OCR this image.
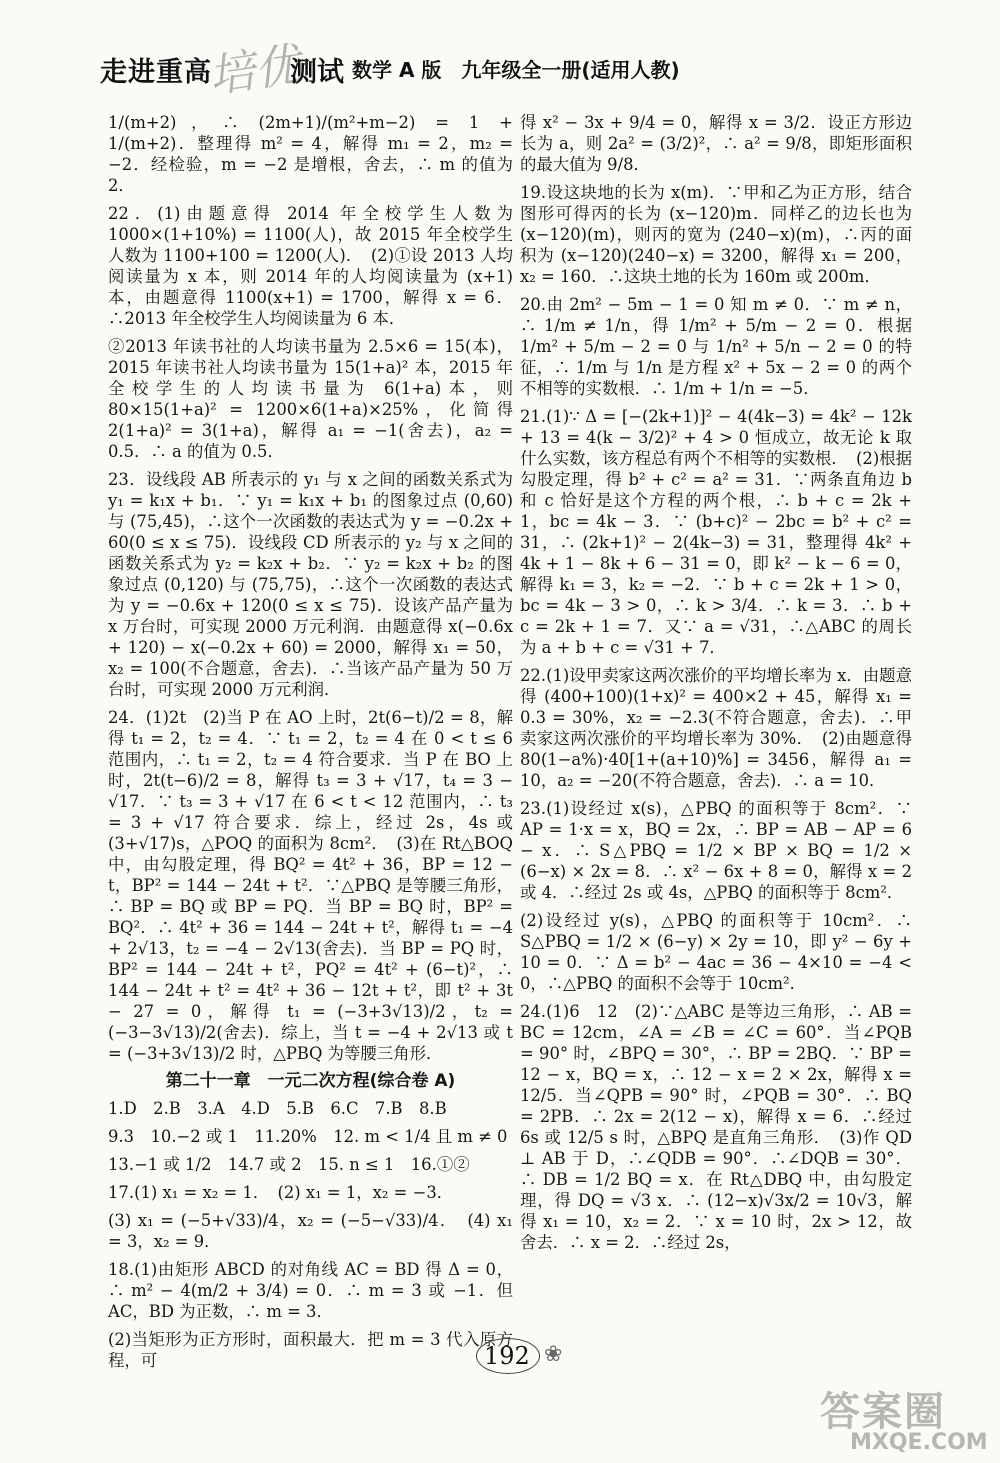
走进重高
培优
测试 数学 A 版　九年级全一册(适用人教)

1/(m+2)，∴ (2m+1)/(m²+m−2) = 1 + 1/(m+2)．整理得 m² = 4，解得 m₁ = 2，m₂ = −2．经检验，m = −2 是增根，舍去，∴ m 的值为 2．

22．(1)由题意得 2014 年全校学生人数为 1000×(1+10%) = 1100(人)，故 2015 年全校学生人数为 1100+100 = 1200(人)．　(2)①设 2013 人均阅读量为 x 本，则 2014 年的人均阅读量为 (x+1) 本，由题意得 1100(x+1) = 1700，解得 x = 6．∴2013 年全校学生人均阅读量为 6 本．

②2013 年读书社的人均读书量为 2.5×6 = 15(本)，2015 年读书社人均读书量为 15(1+a)² 本，2015 年全校学生的人均读书量为 6(1+a)本，则 80×15(1+a)² = 1200×6(1+a)×25%，化简得 2(1+a)² = 3(1+a)，解得 a₁ = −1(舍去)，a₂ = 0.5．∴ a 的值为 0.5．

23．设线段 AB 所表示的 y₁ 与 x 之间的函数关系式为 y₁ = k₁x + b₁．∵ y₁ = k₁x + b₁ 的图象过点 (0,60) 与 (75,45)，∴这个一次函数的表达式为 y = −0.2x + 60(0 ≤ x ≤ 75)．设线段 CD 所表示的 y₂ 与 x 之间的函数关系式为 y₂ = k₂x + b₂．∵ y₂ = k₂x + b₂ 的图象过点 (0,120) 与 (75,75)，∴这个一次函数的表达式为 y = −0.6x + 120(0 ≤ x ≤ 75)．设该产品产量为 x 万台时，可实现 2000 万元利润．由题意得 x(−0.6x + 120) − x(−0.2x + 60) = 2000，解得 x₁ = 50，x₂ = 100(不合题意，舍去)．∴当该产品产量为 50 万台时，可实现 2000 万元利润．

24．(1)2t　(2)当 P 在 AO 上时，2t(6−t)/2 = 8，解得 t₁ = 2，t₂ = 4．∵ t₁ = 2，t₂ = 4 在 0 < t ≤ 6 范围内，∴ t₁ = 2，t₂ = 4 符合要求．当 P 在 BO 上时，2t(t−6)/2 = 8，解得 t₃ = 3 + √17，t₄ = 3 − √17．∵ t₃ = 3 + √17 在 6 < t < 12 范围内，∴ t₃ = 3 + √17 符合要求．综上，经过 2s，4s 或 (3+√17)s，△POQ 的面积为 8cm²．　(3)在 Rt△BOQ 中，由勾股定理，得 BQ² = 4t² + 36，BP = 12 − t，BP² = 144 − 24t + t²．∵△PBQ 是等腰三角形，∴ BP = BQ 或 BP = PQ．当 BP = BQ 时，BP² = BQ²．∴ 4t² + 36 = 144 − 24t + t²，解得 t₁ = −4 + 2√13，t₂ = −4 − 2√13(舍去)．当 BP = PQ 时，BP² = 144 − 24t + t²，PQ² = 4t² + (6−t)²，∴ 144 − 24t + t² = 4t² + 36 − 12t + t²，即 t² + 3t − 27 = 0，解得 t₁ = (−3+3√13)/2，t₂ = (−3−3√13)/2(舍去)．综上，当 t = −4 + 2√13 或 t = (−3+3√13)/2 时，△PBQ 为等腰三角形．

第二十一章　一元二次方程(综合卷 A)

1.D　2.B　3.A　4.D　5.B　6.C　7.B　8.B

9.3　10.−2 或 1　11.20%　12. m < 1/4 且 m ≠ 0

13.−1 或 1/2　14.7 或 2　15. n ≤ 1　16.①②

17.(1) x₁ = x₂ = 1．　(2) x₁ = 1，x₂ = −3．

(3) x₁ = (−5+√33)/4，x₂ = (−5−√33)/4．　(4) x₁ = 3，x₂ = 9．

18.(1)由矩形 ABCD 的对角线 AC = BD 得 Δ = 0，∴ m² − 4(m/2 + 3/4) = 0．∴ m = 3 或 −1．但 AC，BD 为正数，∴ m = 3．

(2)当矩形为正方形时，面积最大．把 m = 3 代入原方程，可

得 x² − 3x + 9/4 = 0，解得 x = 3/2．设正方形边长为 a，则 2a² = (3/2)²，∴ a² = 9/8，即矩形面积的最大值为 9/8．

19.设这块地的长为 x(m)．∵甲和乙为正方形，结合图形可得丙的长为 (x−120)m．同样乙的边长也为 (x−120)(m)，则丙的宽为 (240−x)(m)，∴丙的面积为 (x−120)(240−x) = 3200，解得 x₁ = 200，x₂ = 160．∴这块土地的长为 160m 或 200m．

20.由 2m² − 5m − 1 = 0 知 m ≠ 0．∵ m ≠ n，∴ 1/m ≠ 1/n，得 1/m² + 5/m − 2 = 0．根据 1/m² + 5/m − 2 = 0 与 1/n² + 5/n − 2 = 0 的特征，∴ 1/m 与 1/n 是方程 x² + 5x − 2 = 0 的两个不相等的实数根．∴ 1/m + 1/n = −5．

21.(1)∵ Δ = [−(2k+1)]² − 4(4k−3) = 4k² − 12k + 13 = 4(k − 3/2)² + 4 > 0 恒成立，故无论 k 取什么实数，该方程总有两个不相等的实数根．　(2)根据勾股定理，得 b² + c² = a² = 31．∵两条直角边 b 和 c 恰好是这个方程的两个根，∴ b + c = 2k + 1，bc = 4k − 3．∵ (b+c)² − 2bc = b² + c² = 31，∴ (2k+1)² − 2(4k−3) = 31，整理得 4k² + 4k + 1 − 8k + 6 − 31 = 0，即 k² − k − 6 = 0，解得 k₁ = 3，k₂ = −2．∵ b + c = 2k + 1 > 0，bc = 4k − 3 > 0，∴ k > 3/4．∴ k = 3．∴ b + c = 2k + 1 = 7．又∵ a = √31，∴△ABC 的周长为 a + b + c = √31 + 7．

22.(1)设甲卖家这两次涨价的平均增长率为 x．由题意得 (400+100)(1+x)² = 400×2 + 45，解得 x₁ = 0.3 = 30%，x₂ = −2.3(不符合题意，舍去)．∴甲卖家这两次涨价的平均增长率为 30%．　(2)由题意得 80(1−a%)·40[1+(a+10)%] = 3456，解得 a₁ = 10，a₂ = −20(不符合题意，舍去)．∴ a = 10．

23.(1)设经过 x(s)，△PBQ 的面积等于 8cm²．∵ AP = 1·x = x，BQ = 2x，∴ BP = AB − AP = 6 − x．∴ S△PBQ = 1/2 × BP × BQ = 1/2 × (6−x) × 2x = 8．∴ x² − 6x + 8 = 0，解得 x = 2 或 4．∴经过 2s 或 4s，△PBQ 的面积等于 8cm²．

(2)设经过 y(s)，△PBQ 的面积等于 10cm²．∴ S△PBQ = 1/2 × (6−y) × 2y = 10，即 y² − 6y + 10 = 0．∵ Δ = b² − 4ac = 36 − 4×10 = −4 < 0，∴△PBQ 的面积不会等于 10cm²．

24.(1)6　12　(2)∵△ABC 是等边三角形，∴ AB = BC = 12cm，∠A = ∠B = ∠C = 60°．当∠PQB = 90° 时，∠BPQ = 30°，∴ BP = 2BQ．∵ BP = 12 − x，BQ = x，∴ 12 − x = 2 × 2x，解得 x = 12/5．当∠QPB = 90° 时，∠PQB = 30°．∴ BQ = 2PB．∴ 2x = 2(12 − x)，解得 x = 6．∴经过 6s 或 12/5 s 时，△BPQ 是直角三角形．　(3)作 QD ⊥ AB 于 D，∴∠QDB = 90°．∴∠DQB = 30°．∴ DB = 1/2 BQ = x．在 Rt△DBQ 中，由勾股定理，得 DQ = √3 x．∴ (12−x)√3x/2 = 10√3，解得 x₁ = 10，x₂ = 2．∵ x = 10 时，2x > 12，故舍去．∴ x = 2．∴经过 2s，

192 ❀
答案圈
MXQE.COM
